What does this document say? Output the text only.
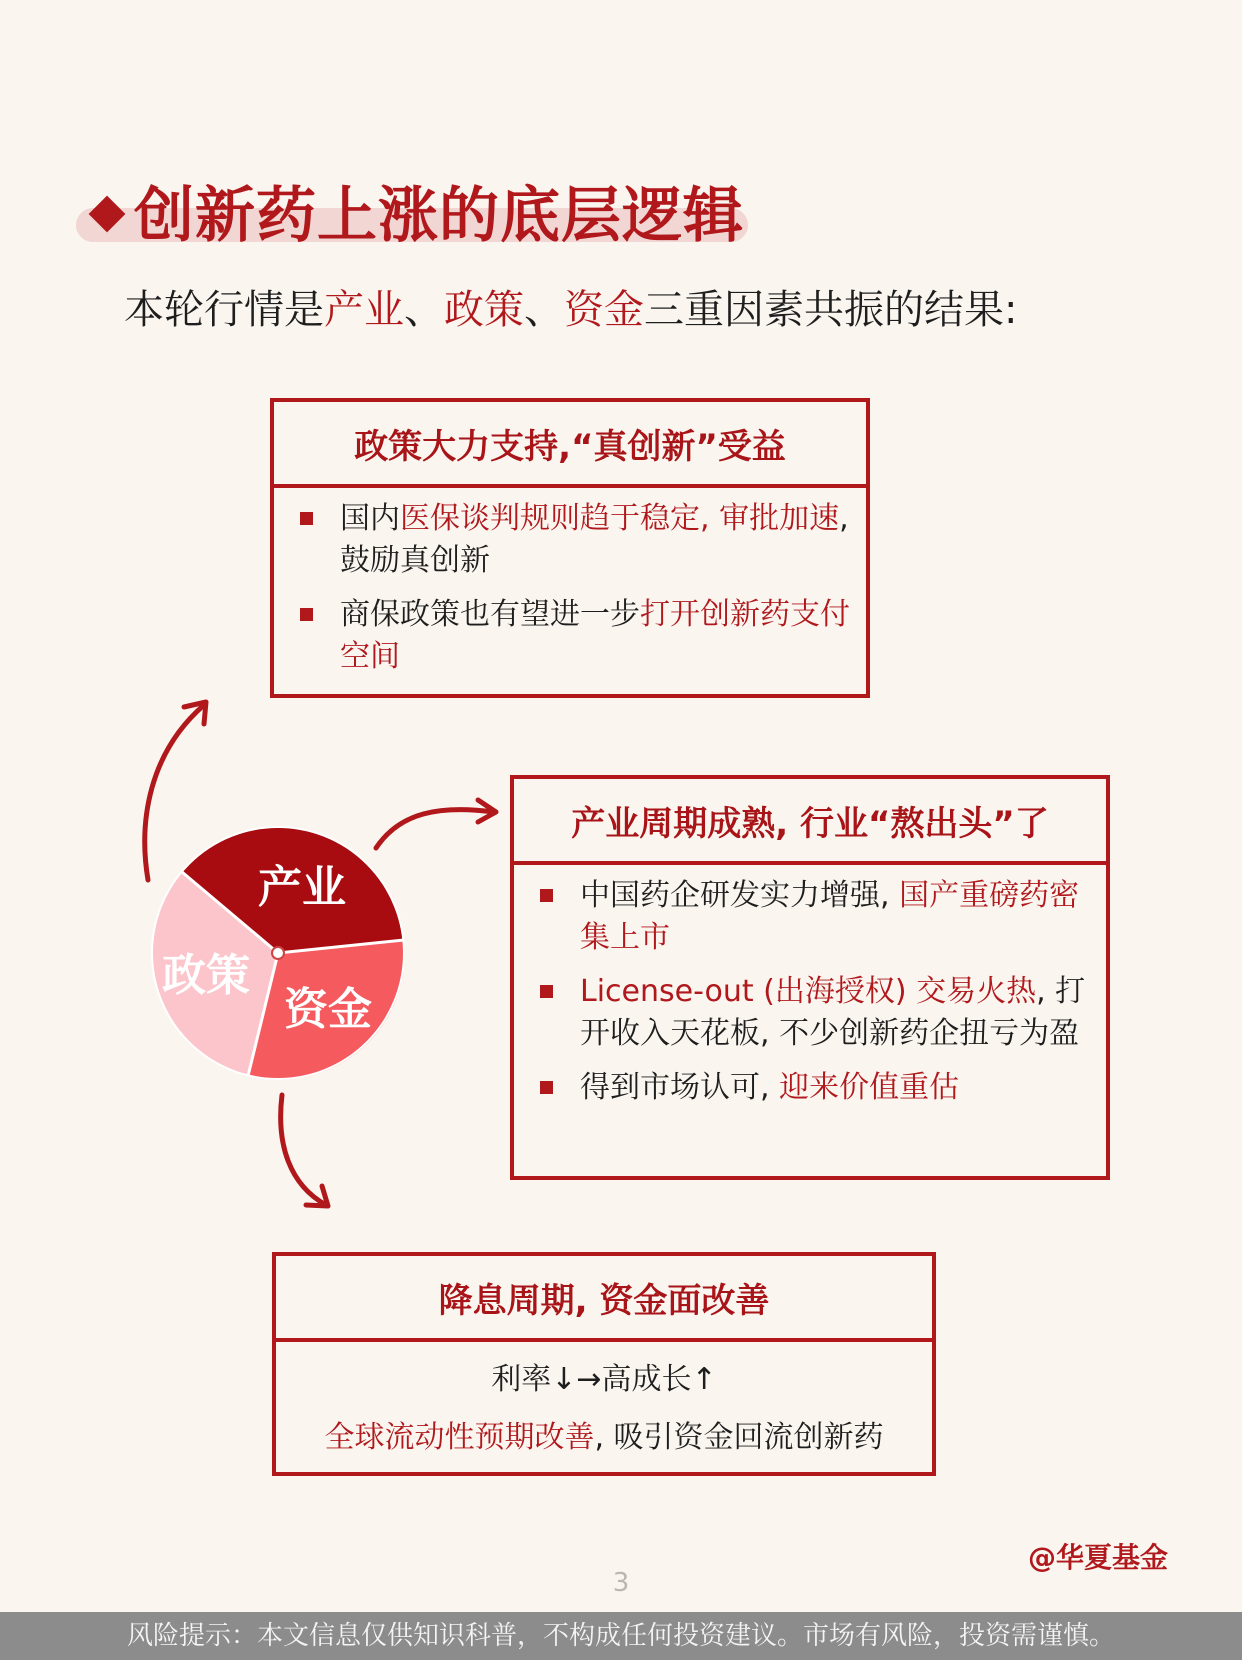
创新药上涨的底层逻辑
本轮行情是产业、政策、资金三重因素共振的结果:
产业
政策
资金
政策大力支持,“真创新”受益
国内医保谈判规则趋于稳定, 审批加速, 鼓励真创新
商保政策也有望进一步打开创新药支付空间
产业周期成熟, 行业“熬出头”了
中国药企研发实力增强, 国产重磅药密集上市
License-out (出海授权) 交易火热, 打开收入天花板, 不少创新药企扭亏为盈
得到市场认可, 迎来价值重估
降息周期, 资金面改善
利率↓→高成长↑
全球流动性预期改善, 吸引资金回流创新药
@华夏基金
3
风险提示：本文信息仅供知识科普，不构成任何投资建议。市场有风险，投资需谨慎。
